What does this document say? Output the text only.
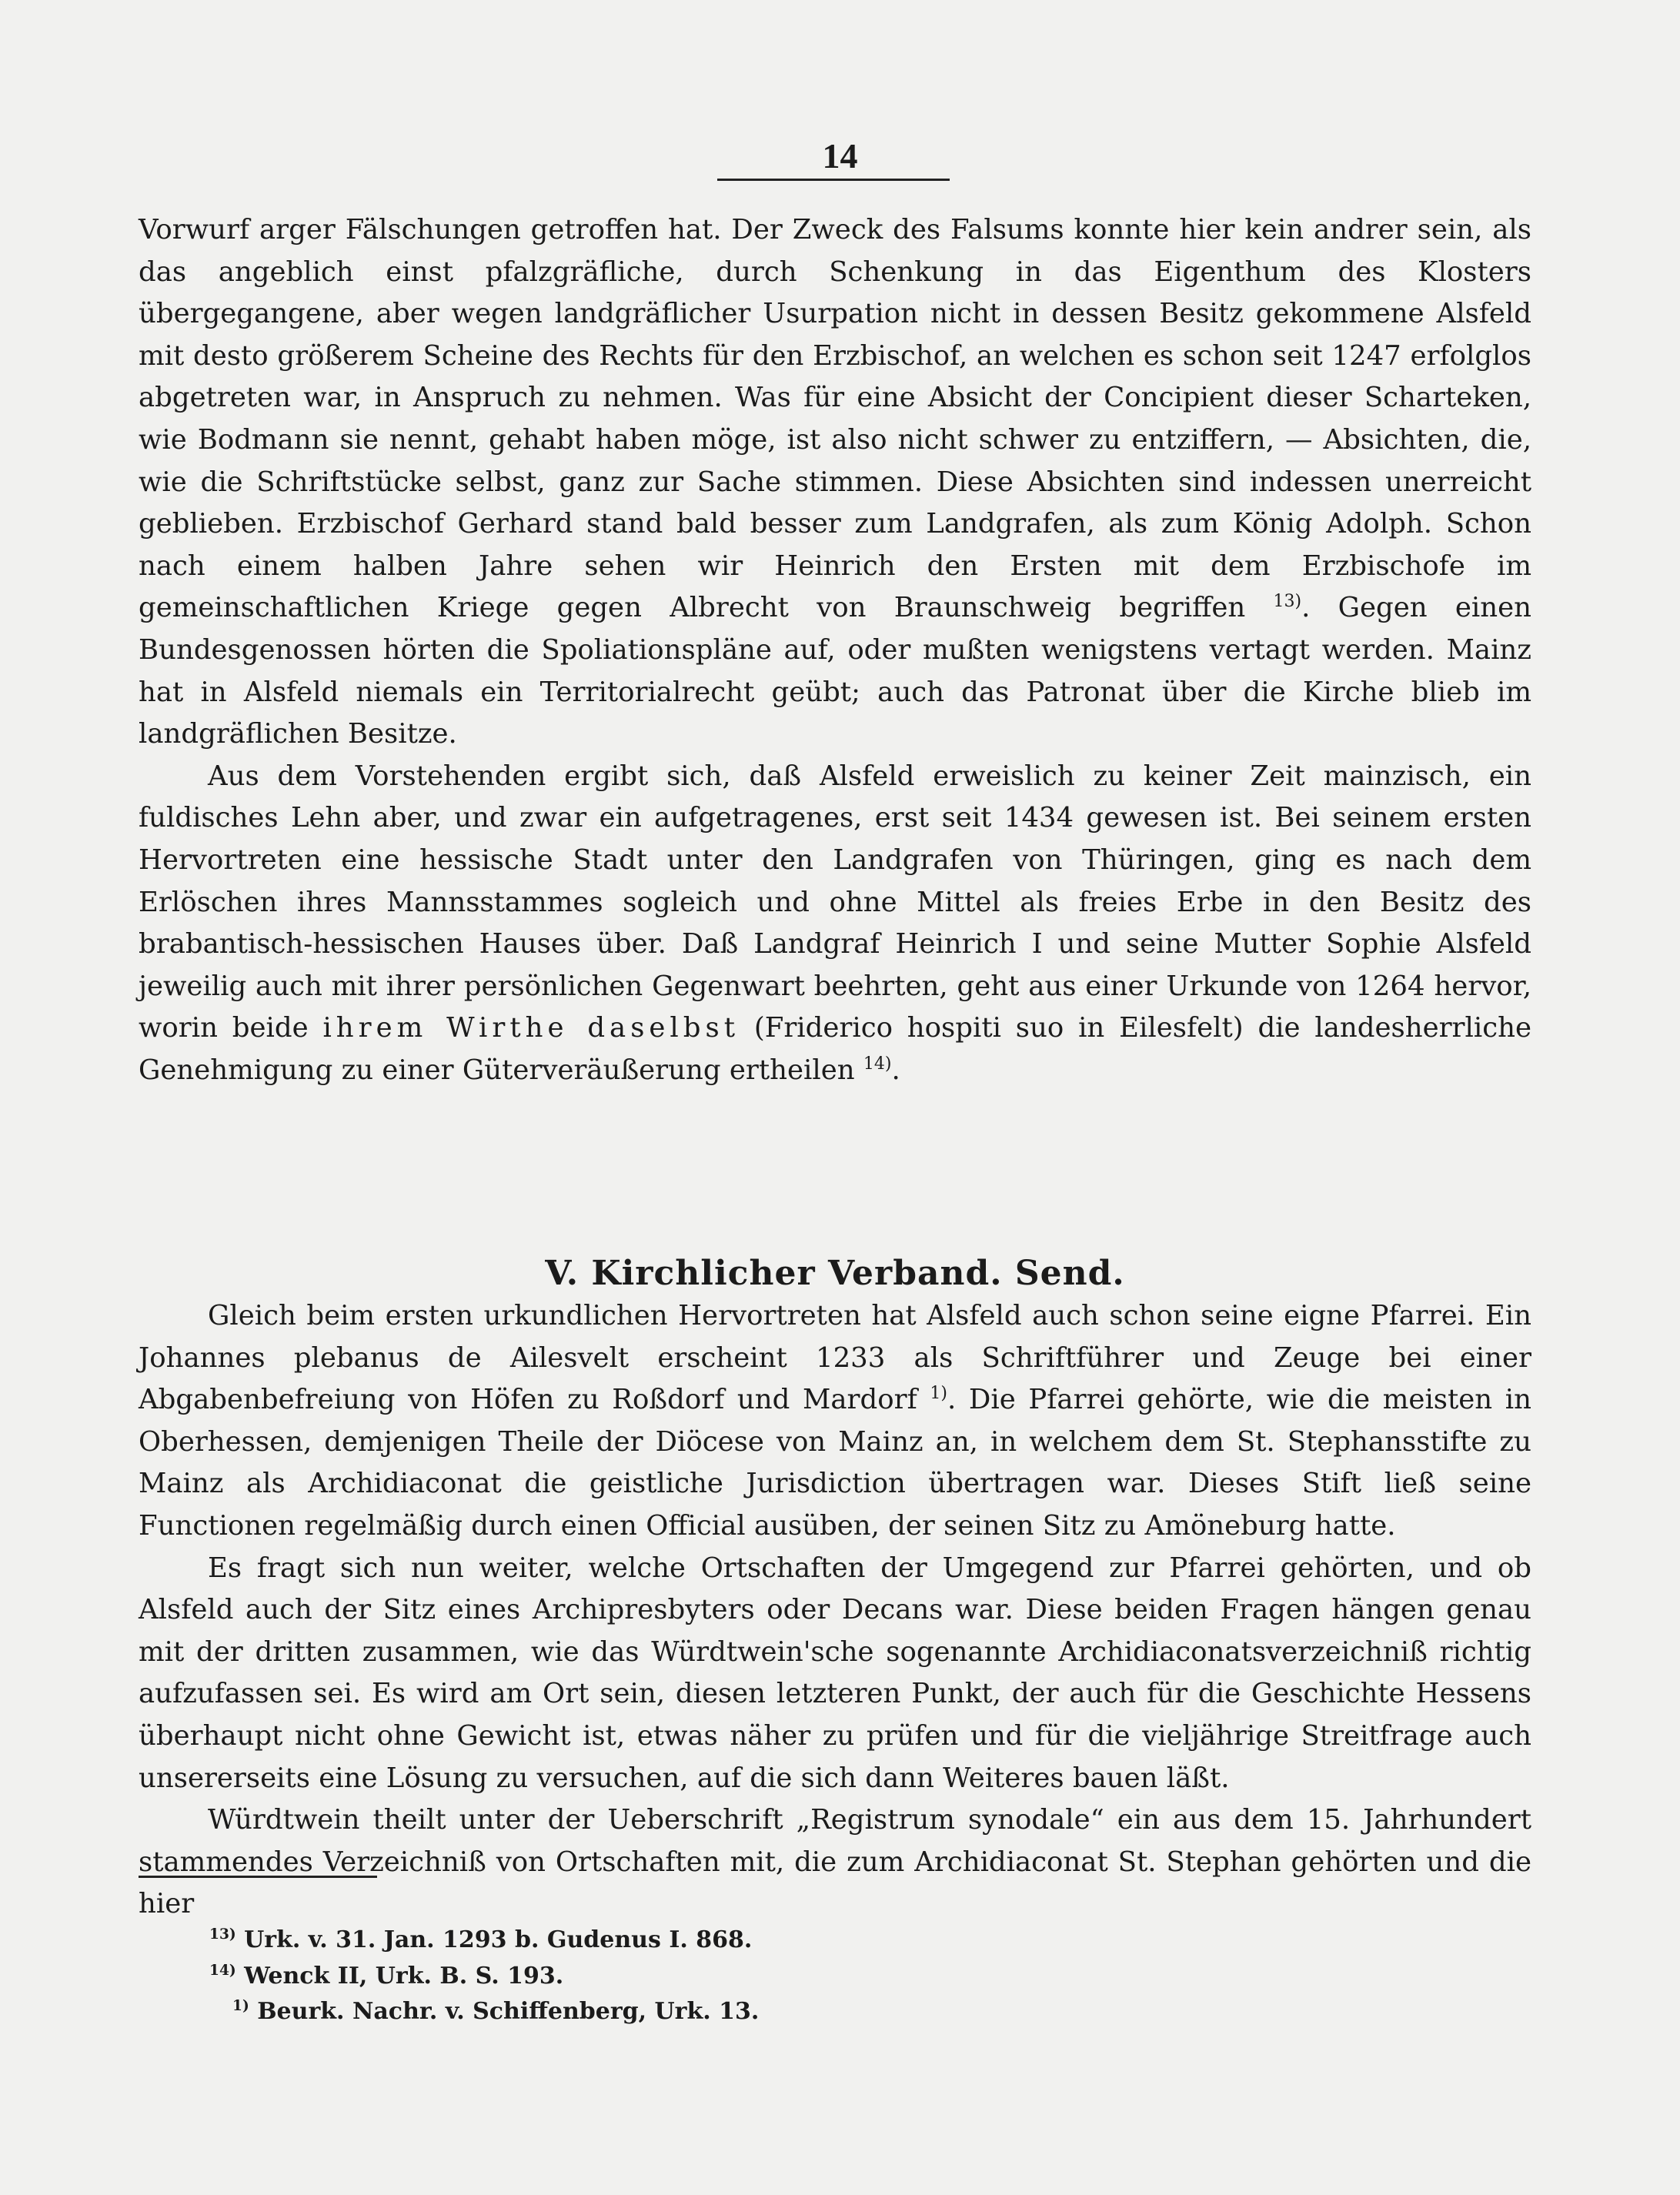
14

Vorwurf arger Fälschungen getroffen hat. Der Zweck des Falsums konnte hier kein andrer sein, als das angeblich einst pfalzgräfliche, durch Schenkung in das Eigenthum des Klosters übergegangene, aber wegen landgräflicher Usurpation nicht in dessen Besitz gekommene Alsfeld mit desto größerem Scheine des Rechts für den Erzbischof, an welchen es schon seit 1247 erfolglos abgetreten war, in Anspruch zu nehmen. Was für eine Absicht der Concipient dieser Scharteken, wie Bodmann sie nennt, gehabt haben möge, ist also nicht schwer zu entziffern, — Absichten, die, wie die Schriftstücke selbst, ganz zur Sache stimmen. Diese Absichten sind indessen unerreicht geblieben. Erzbischof Gerhard stand bald besser zum Landgrafen, als zum König Adolph. Schon nach einem halben Jahre sehen wir Heinrich den Ersten mit dem Erzbischofe im gemeinschaftlichen Kriege gegen Albrecht von Braunschweig begriffen $^{13)}$. Gegen einen Bundesgenossen hörten die Spoliationspläne auf, oder mußten wenigstens vertagt werden. Mainz hat in Alsfeld niemals ein Territorialrecht geübt; auch das Patronat über die Kirche blieb im landgräflichen Besitze.

Aus dem Vorstehenden ergibt sich, daß Alsfeld erweislich zu keiner Zeit mainzisch, ein fuldisches Lehn aber, und zwar ein aufgetragenes, erst seit 1434 gewesen ist. Bei seinem ersten Hervortreten eine hessische Stadt unter den Landgrafen von Thüringen, ging es nach dem Erlöschen ihres Mannsstammes sogleich und ohne Mittel als freies Erbe in den Besitz des brabantisch-hessischen Hauses über. Daß Landgraf Heinrich I und seine Mutter Sophie Alsfeld jeweilig auch mit ihrer persönlichen Gegenwart beehrten, geht aus einer Urkunde von 1264 hervor, worin beide ihrem Wirthe daselbst (Friderico hospiti suo in Eilesfelt) die landesherrliche Genehmigung zu einer Güterveräußerung ertheilen $^{14)}$.

V. Kirchlicher Verband. Send.

Gleich beim ersten urkundlichen Hervortreten hat Alsfeld auch schon seine eigne Pfarrei. Ein Johannes plebanus de Ailesvelt erscheint 1233 als Schriftführer und Zeuge bei einer Abgabenbefreiung von Höfen zu Roßdorf und Mardorf $^{1)}$. Die Pfarrei gehörte, wie die meisten in Oberhessen, demjenigen Theile der Diöcese von Mainz an, in welchem dem St. Stephansstifte zu Mainz als Archidiaconat die geistliche Jurisdiction übertragen war. Dieses Stift ließ seine Functionen regelmäßig durch einen Official ausüben, der seinen Sitz zu Amöneburg hatte.

Es fragt sich nun weiter, welche Ortschaften der Umgegend zur Pfarrei gehörten, und ob Alsfeld auch der Sitz eines Archipresbyters oder Decans war. Diese beiden Fragen hängen genau mit der dritten zusammen, wie das Würdtwein'sche sogenannte Archidiaconatsverzeichniß richtig aufzufassen sei. Es wird am Ort sein, diesen letzteren Punkt, der auch für die Geschichte Hessens überhaupt nicht ohne Gewicht ist, etwas näher zu prüfen und für die vieljährige Streitfrage auch unsererseits eine Lösung zu versuchen, auf die sich dann Weiteres bauen läßt.

Würdtwein theilt unter der Ueberschrift „Registrum synodale“ ein aus dem 15. Jahrhundert stammendes Verzeichniß von Ortschaften mit, die zum Archidiaconat St. Stephan gehörten und die hier

$^{13)}$ Urk. v. 31. Jan. 1293 b. Gudenus I. 868.
$^{14)}$ Wenck II, Urk. B. S. 193.
$^{1)}$ Beurk. Nachr. v. Schiffenberg, Urk. 13.
